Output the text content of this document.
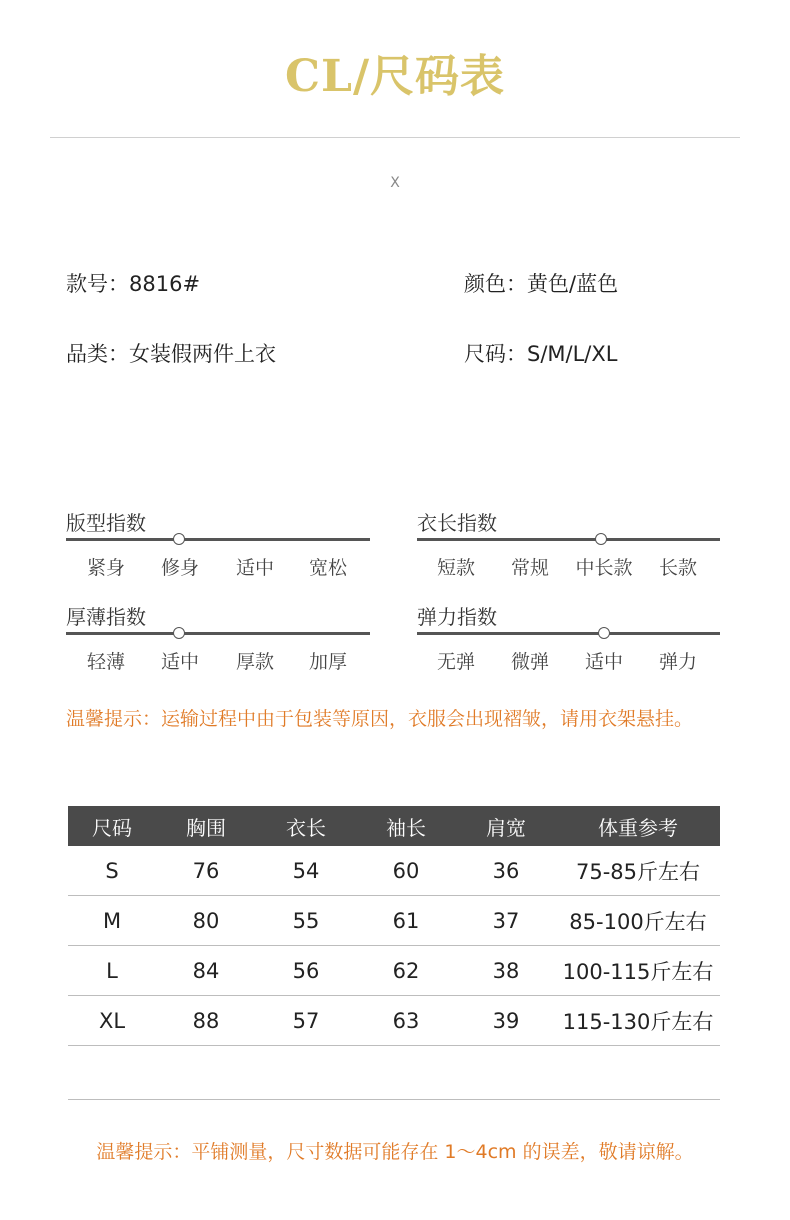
CL/尺码表
X
款号：8816#	颜色：黄色/蓝色
品类：女装假两件上衣	尺码：S/M/L/XL
版型指数
紧身	修身	适中	宽松
衣长指数
短款	常规	中长款	长款
厚薄指数
轻薄	适中	厚款	加厚
弹力指数
无弹	微弹	适中	弹力
温馨提示：运输过程中由于包装等原因，衣服会出现褶皱，请用衣架悬挂。
尺码	胸围	衣长	袖长	肩宽	体重参考
S	76	54	60	36	75-85斤左右
M	80	55	61	37	85-100斤左右
L	84	56	62	38	100-115斤左右
XL	88	57	63	39	115-130斤左右
温馨提示：平铺测量，尺寸数据可能存在 1～4cm 的误差，敬请谅解。
